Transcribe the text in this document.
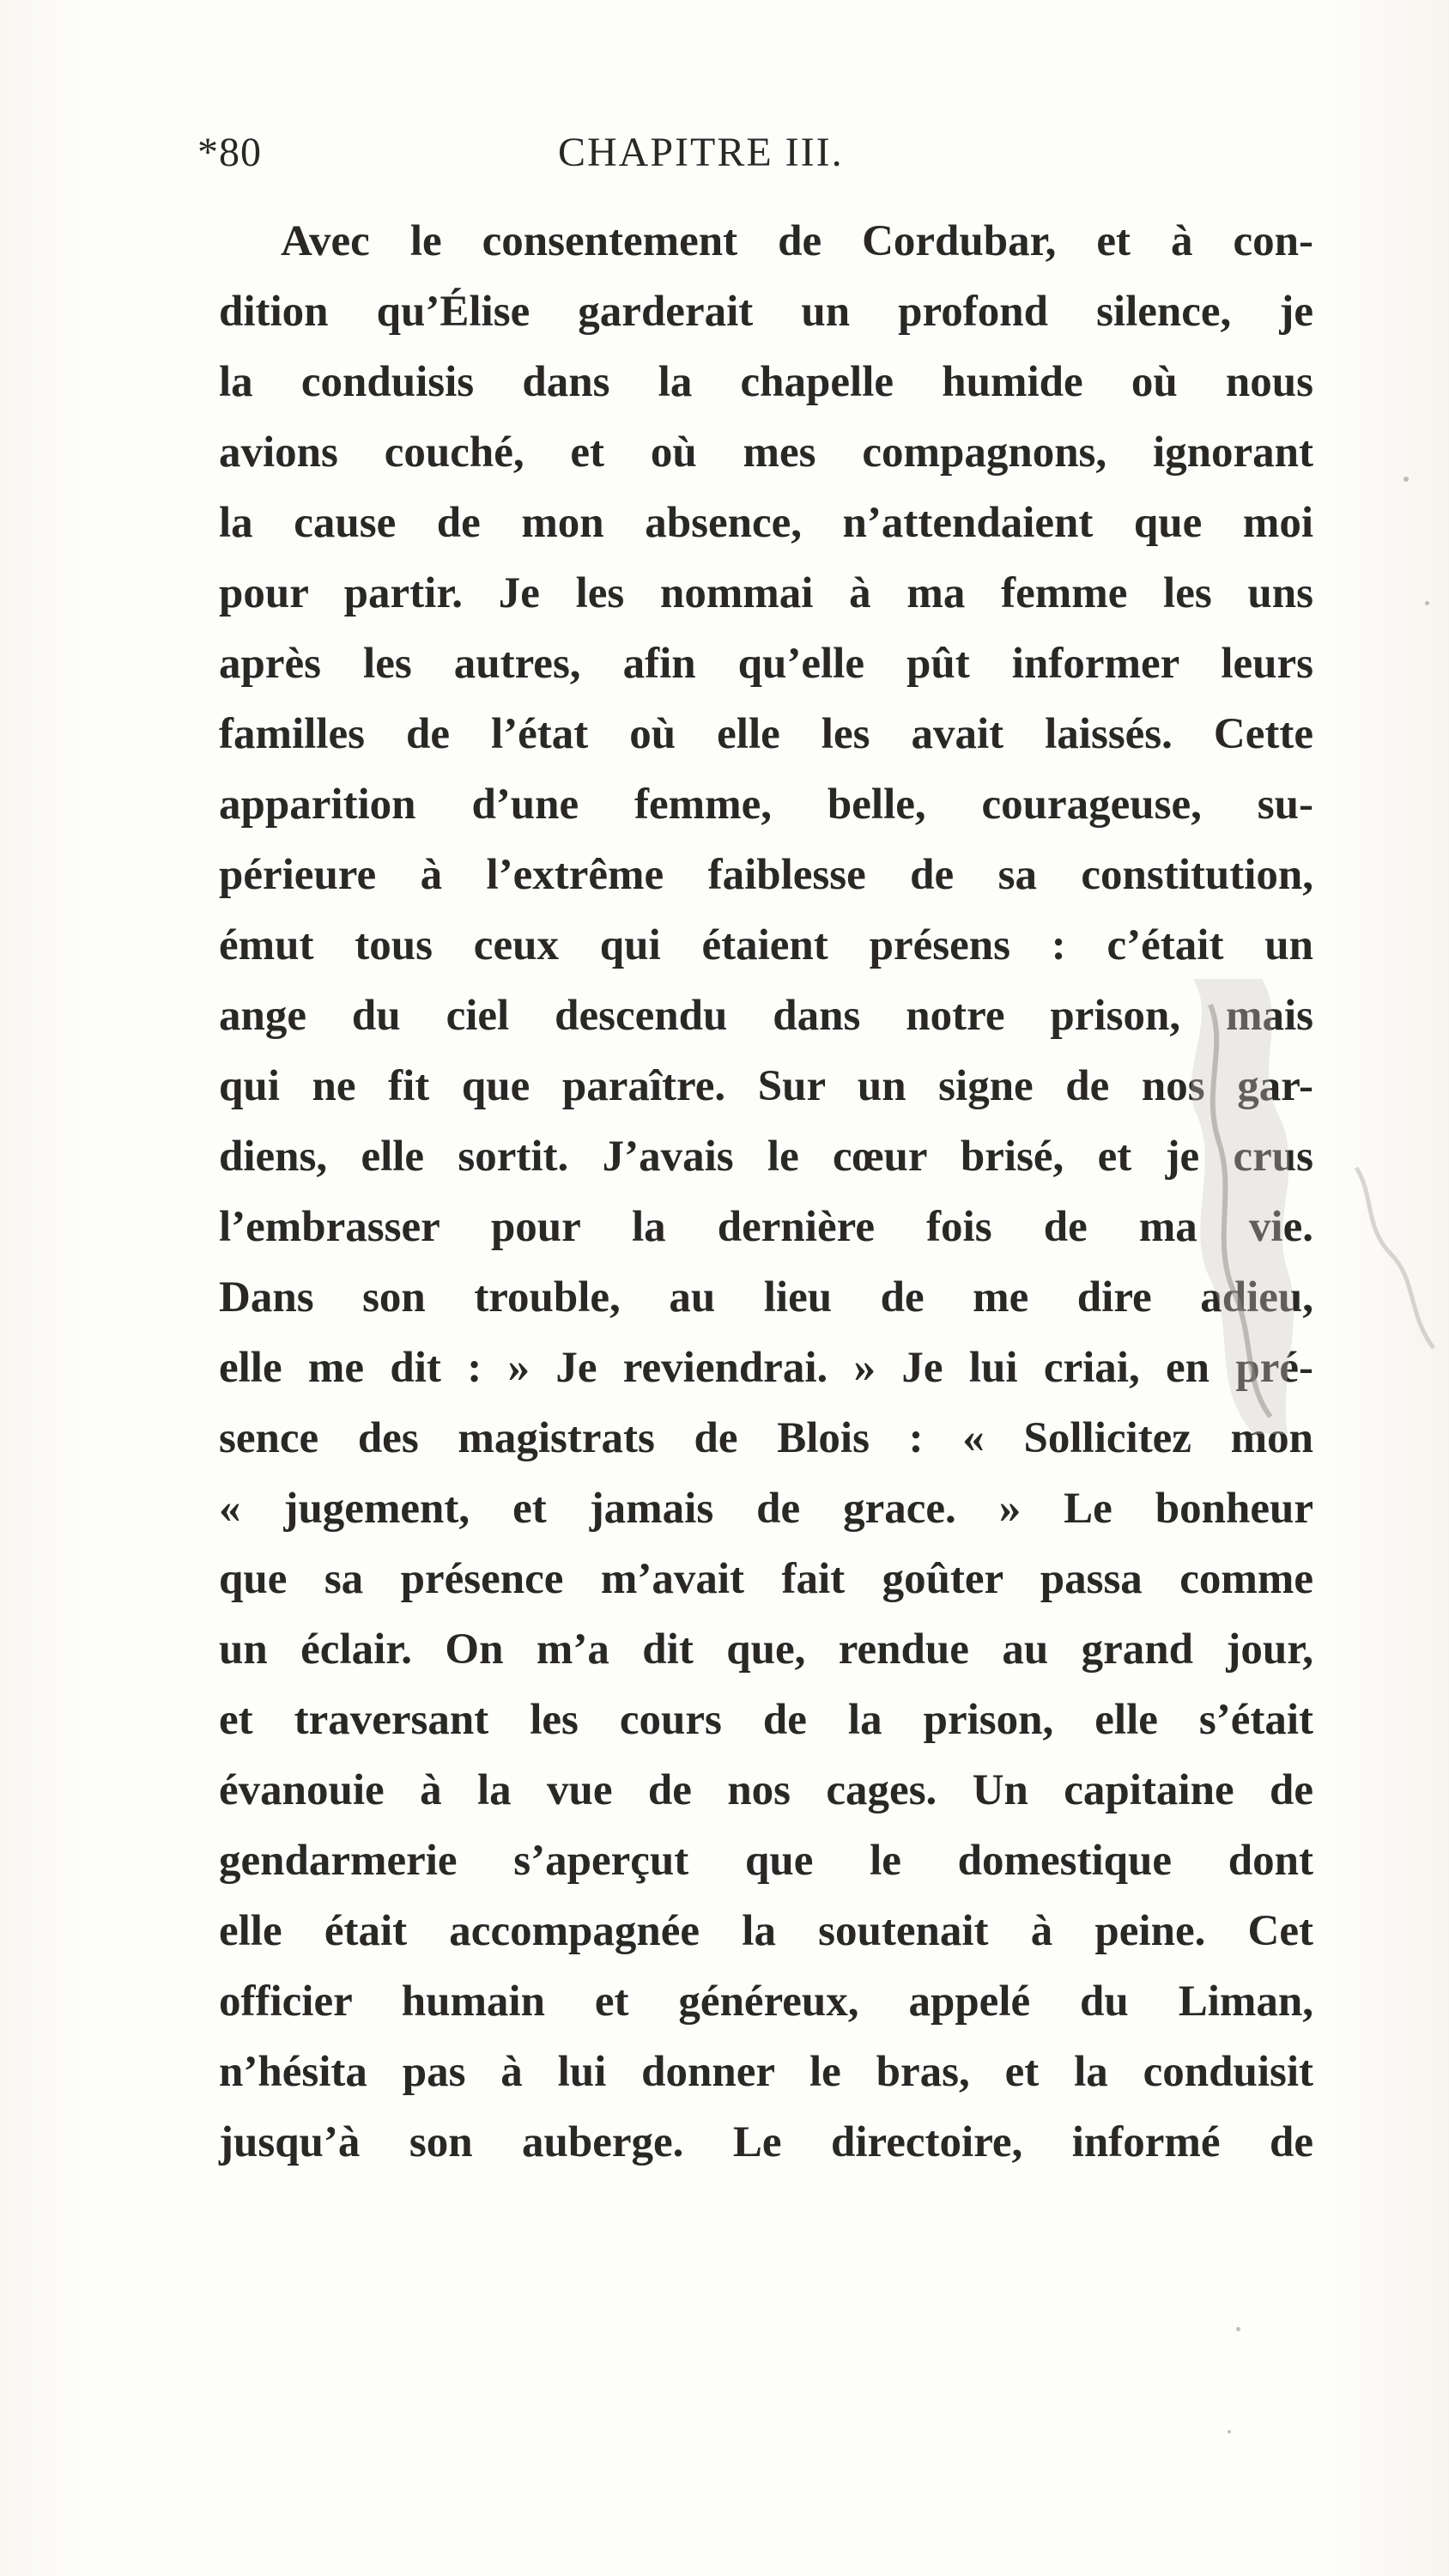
*80	CHAPITRE III.
Avec le consentement de Cordubar, et à con-
dition qu’Élise garderait un profond silence, je
la conduisis dans la chapelle humide où nous
avions couché, et où mes compagnons, ignorant
la cause de mon absence, n’attendaient que moi
pour partir. Je les nommai à ma femme les uns
après les autres, afin qu’elle pût informer leurs
familles de l’état où elle les avait laissés. Cette
apparition d’une femme, belle, courageuse, su-
périeure à l’extrême faiblesse de sa constitution,
émut tous ceux qui étaient présens : c’était un
ange du ciel descendu dans notre prison, mais
qui ne fit que paraître. Sur un signe de nos gar-
diens, elle sortit. J’avais le cœur brisé, et je crus
l’embrasser pour la dernière fois de ma vie.
Dans son trouble, au lieu de me dire adieu,
elle me dit : » Je reviendrai. » Je lui criai, en pré-
sence des magistrats de Blois : « Sollicitez mon
« jugement, et jamais de grace. » Le bonheur
que sa présence m’avait fait goûter passa comme
un éclair. On m’a dit que, rendue au grand jour,
et traversant les cours de la prison, elle s’était
évanouie à la vue de nos cages. Un capitaine de
gendarmerie s’aperçut que le domestique dont
elle était accompagnée la soutenait à peine. Cet
officier humain et généreux, appelé du Liman,
n’hésita pas à lui donner le bras, et la conduisit
jusqu’à son auberge. Le directoire, informé de
